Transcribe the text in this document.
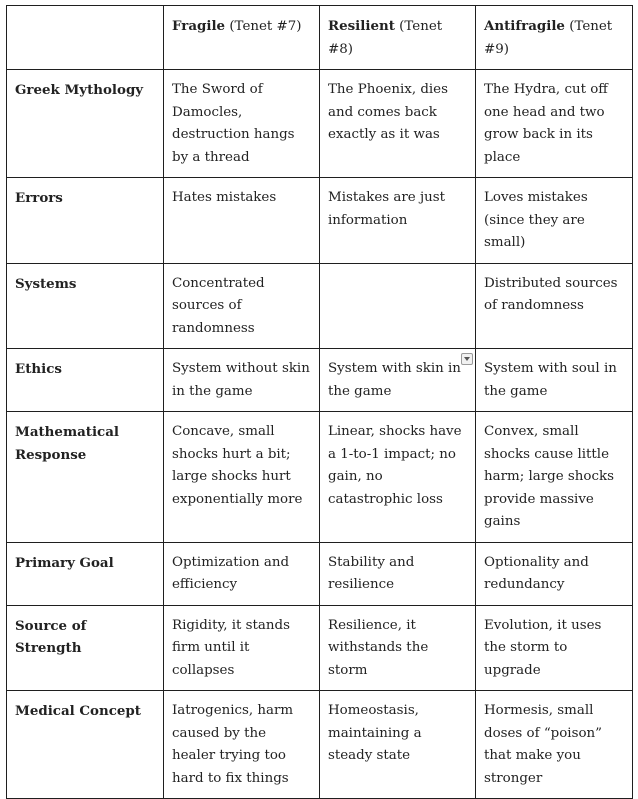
	Fragile (Tenet #7)	Resilient (Tenet #8)	Antifragile (Tenet #9)
Greek Mythology	The Sword of Damocles, destruction hangs by a thread	The Phoenix, dies and comes back exactly as it was	The Hydra, cut off one head and two grow back in its place
Errors	Hates mistakes	Mistakes are just information	Loves mistakes (since they are small)
Systems	Concentrated sources of randomness		Distributed sources of randomness
Ethics	System without skin in the game	System with skin in the game	System with soul in the game
Mathematical Response	Concave, small shocks hurt a bit; large shocks hurt exponentially more	Linear, shocks have a 1-to-1 impact; no gain, no catastrophic loss	Convex, small shocks cause little harm; large shocks provide massive gains
Primary Goal	Optimization and efficiency	Stability and resilience	Optionality and redundancy
Source of Strength	Rigidity, it stands firm until it collapses	Resilience, it withstands the storm	Evolution, it uses the storm to upgrade
Medical Concept	Iatrogenics, harm caused by the healer trying too hard to fix things	Homeostasis, maintaining a steady state	Hormesis, small doses of “poison” that make you stronger
